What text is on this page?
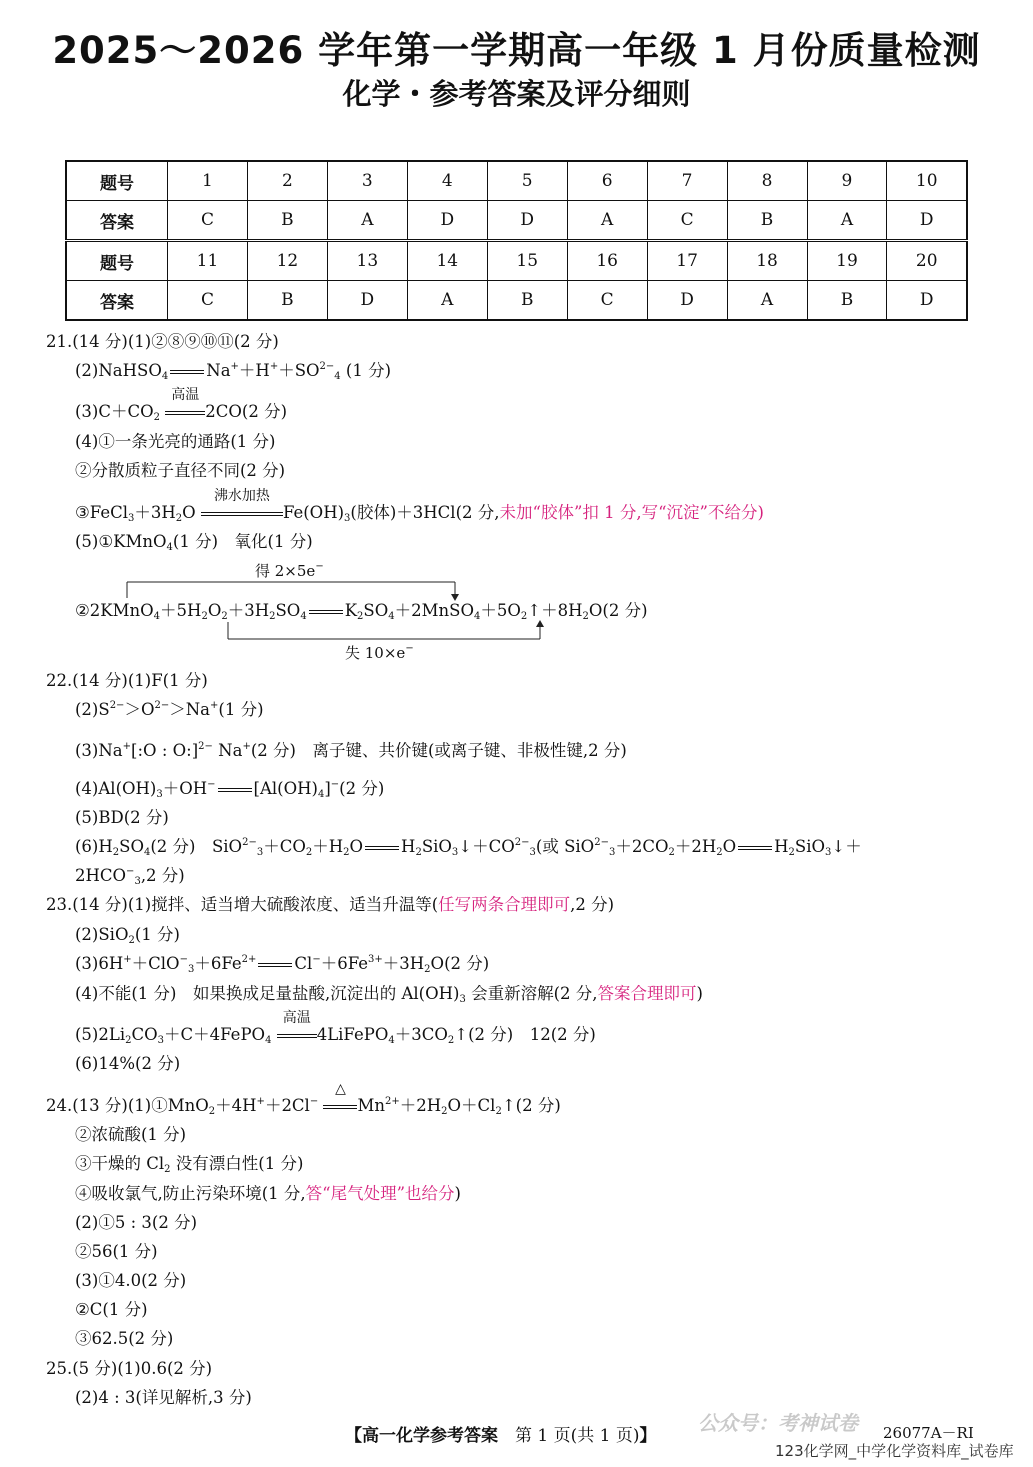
2025～2026 学年第一学期高一年级 1 月份质量检测
化学・参考答案及评分细则
题号	1	2	3	4	5	6	7	8	9	10
答案	C	B	A	D	D	A	C	B	A	D
题号	11	12	13	14	15	16	17	18	19	20
答案	C	B	D	A	B	C	D	A	B	D
21.(14 分)(1)②⑧⑨⑩⑪(2 分)
(2)NaHSO$_4$ $Na^++H^++SO^{2-}_4$ (1 分)
$(3)C+CO_2$
高温
2CO(2 分)
(4)①一条光亮的通路(1 分)
②分散质粒子直径不同(2 分)
$③FeCl_3+3H_2O$
沸水加热
$Fe(OH)_3$(胶体)＋3HCl(2 分,未加“胶体”扣 1 分,写“沉淀”不给分)
(5)①KMnO$_4$(1 分)　氧化(1 分)
得 2×5e−
失 10×e−
$②2KMnO_4+5H_2O_2+3H_2SO_4$ $K_2SO_4+2MnSO_4+5O_2↑+8H_2O(2$ 分)
22.(14 分)(1)F(1 分)
$(2)S^{2-}>O^{2-}>Na^+(1$ 分)
(3)Na+[:O : O:]$^{2-}$ Na+(2 分)　离子键、共价键(或离子键、非极性键,2 分)
$(4)Al(OH)_3+OH^-$ $[Al(OH)_4]^-(2$ 分)
(5)BD(2 分)
$(6)H_2SO_4(2$ 分)　$SiO^{2-}_3+CO_2+H_2O$ $H_2SiO_3↓+CO^{2-}_3$(或 $SiO^{2-}_3+2CO_2+2H_2O$ $H_2SiO_3↓+$
$2HCO^-_3,2$ 分)
23.(14 分)(1)搅拌、适当增大硫酸浓度、适当升温等(任写两条合理即可,2 分)
(2)SiO$_2$(1 分)
$(3)6H^++ClO^-_3+6Fe^{2+}$ $Cl^-+6Fe^{3+}+3H_2O(2$ 分)
(4)不能(1 分)　如果换成足量盐酸,沉淀出的 $Al(OH)_3$ 会重新溶解(2 分,答案合理即可)
$(5)2Li_2CO_3+C+4FePO_4$
高温
$4LiFePO_4+3CO_2↑(2$ 分)　12(2 分)
(6)14%(2 分)
24.(13 分)(1)①MnO$_2$＋4H+＋2Cl−
△
$Mn^{2+}+2H_2O+Cl_2↑(2$ 分)
②浓硫酸(1 分)
③干燥的 $Cl_2$ 没有漂白性(1 分)
④吸收氯气,防止污染环境(1 分,答“尾气处理”也给分)
(2)①5 : 3(2 分)
②56(1 分)
(3)①4.0(2 分)
②C(1 分)
③62.5(2 分)
25.(5 分)(1)0.6(2 分)
(2)4 : 3(详见解析,3 分)
公众号：考神试卷
【高一化学参考答案　 第 1 页(共 1 页)】	26077A－RI
123化学网_中学化学资料库_试卷库
